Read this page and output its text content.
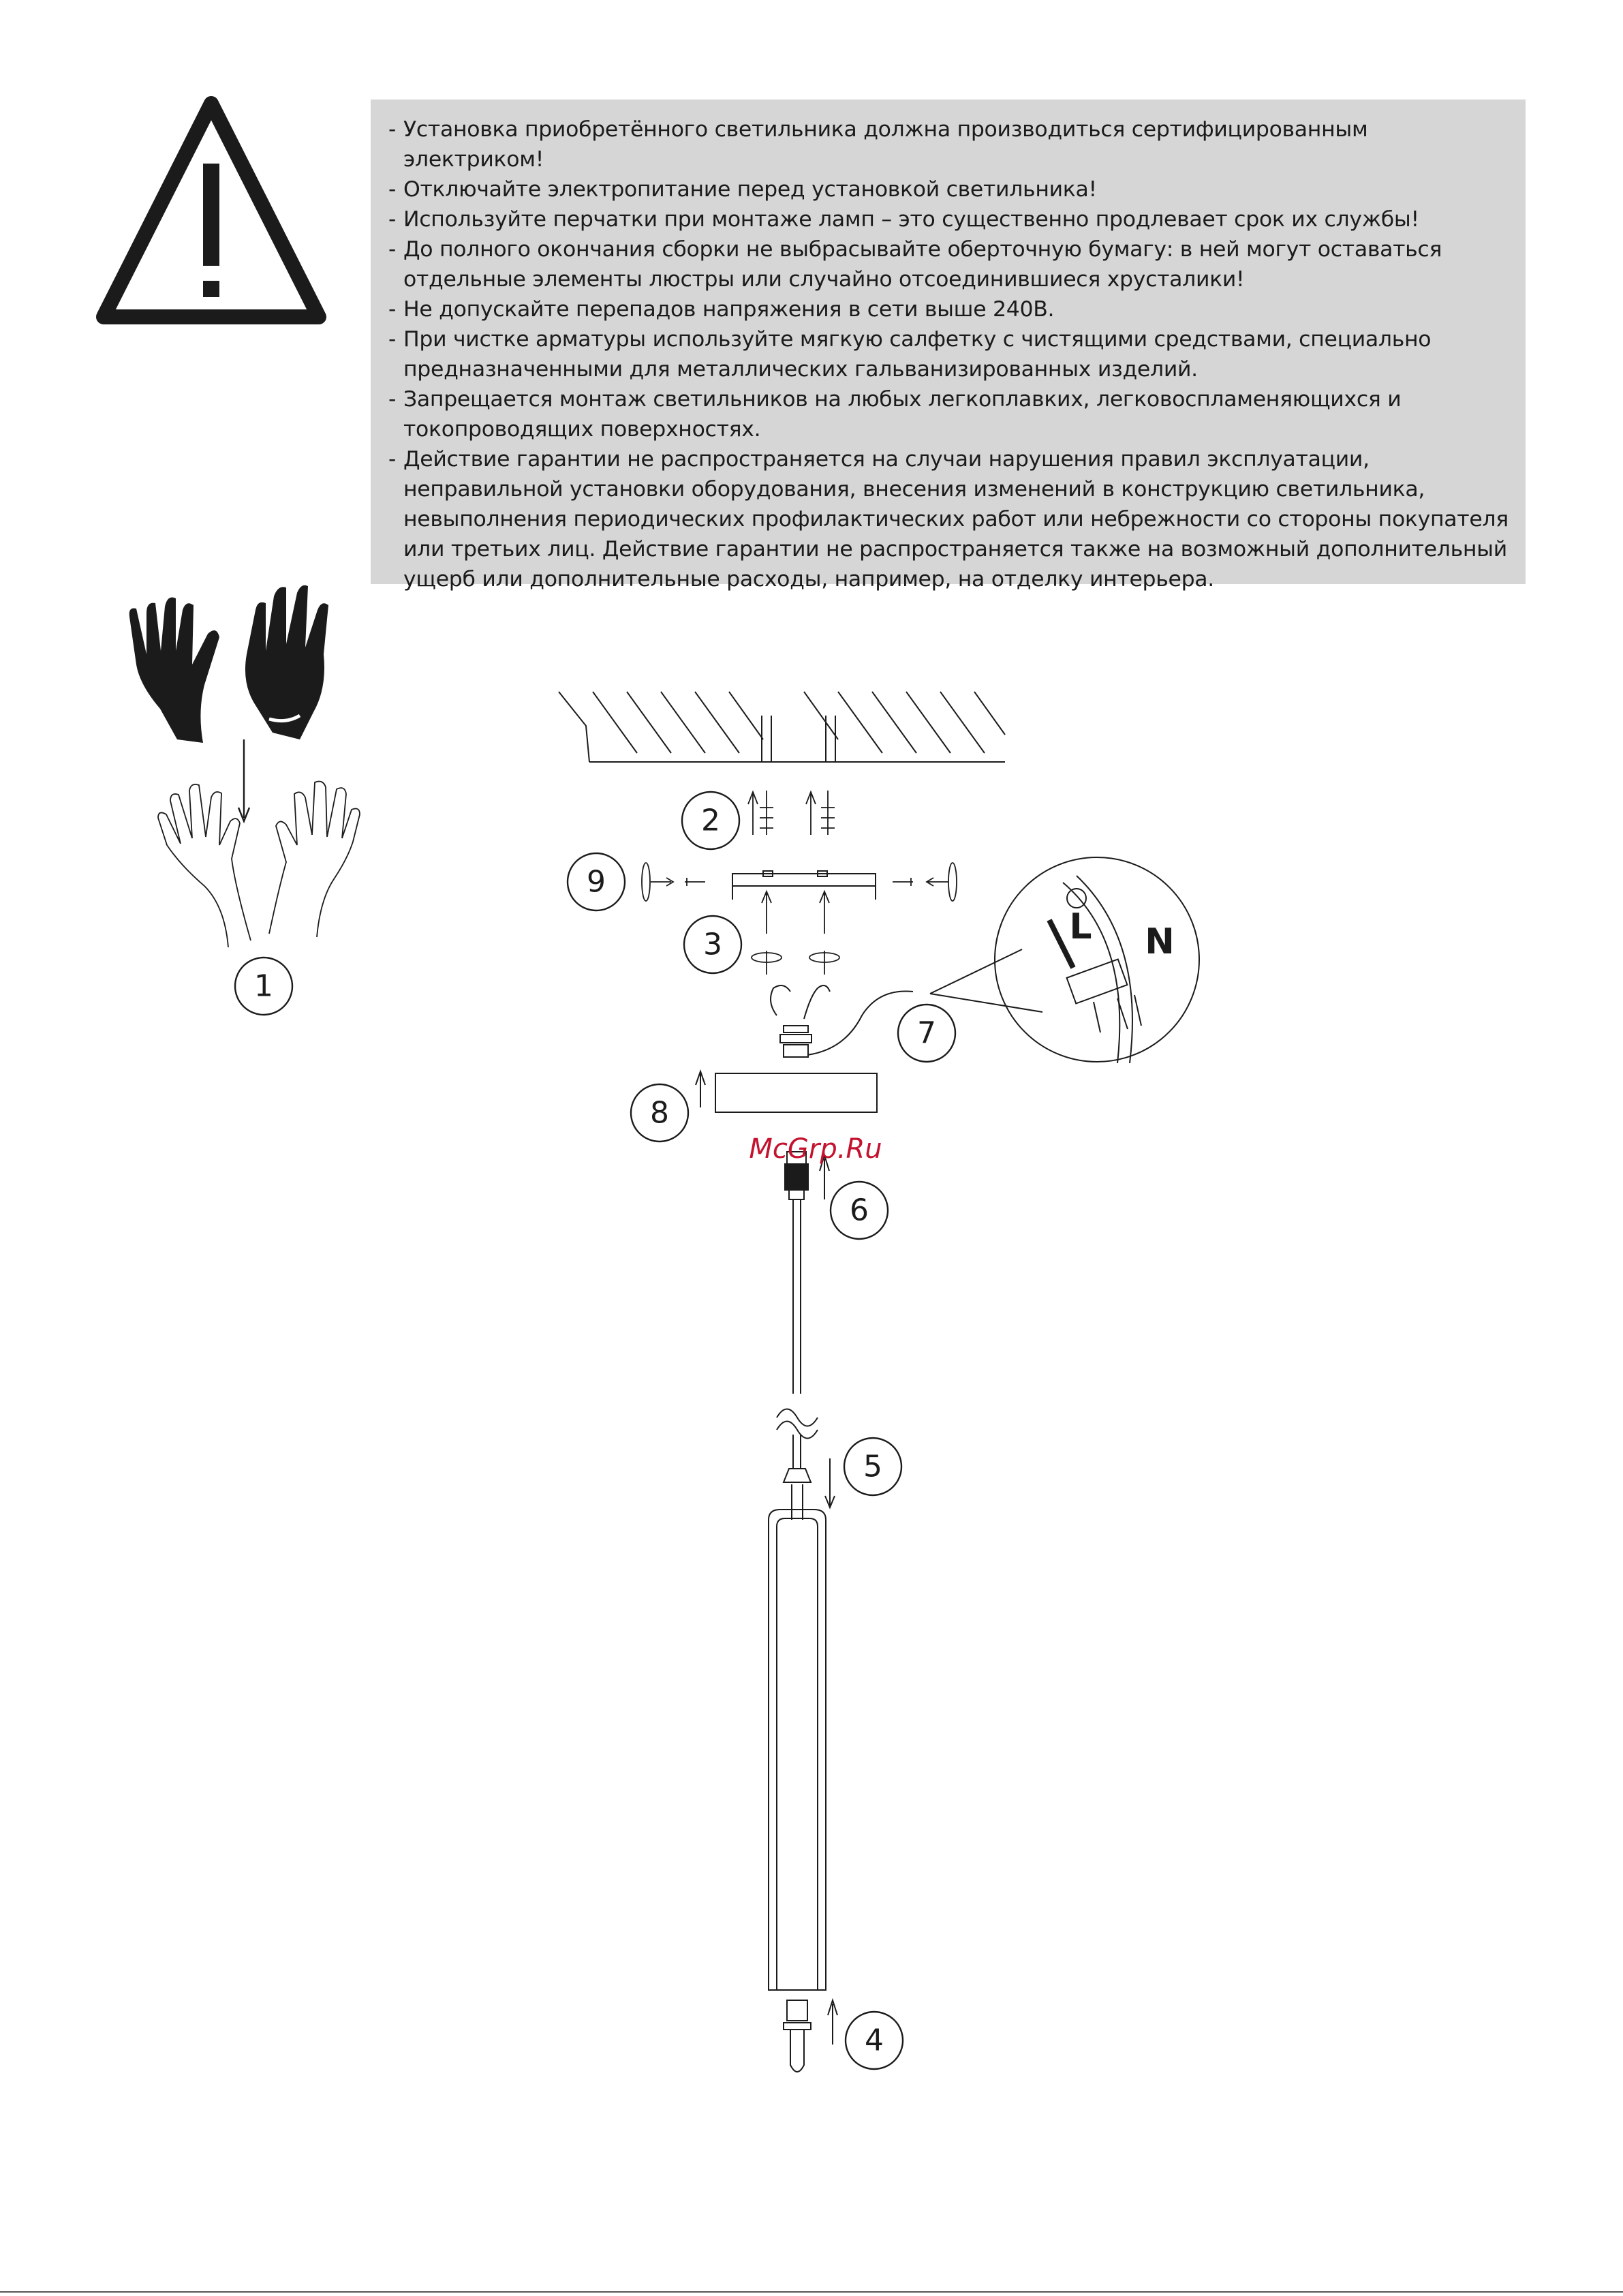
- Установка приобретённого светильника должна производиться сертифицированным электриком!
- Отключайте электропитание перед установкой светильника!
- Используйте перчатки при монтаже ламп – это существенно продлевает срок их службы!
- До полного окончания сборки не выбрасывайте оберточную бумагу: в ней могут оставаться отдельные элементы люстры или случайно отсоединившиеся хрусталики!
- Не допускайте перепадов напряжения в сети выше 240В.
- При чистке арматуры используйте мягкую салфетку с чистящими средствами, специально предназначенными для металлических гальванизированных изделий.
- Запрещается монтаж светильников на любых легкоплавких, легковоспламеняющихся и токопроводящих поверхностях.
- Действие гарантии не распространяется на случаи нарушения правил эксплуатации, неправильной установки оборудования, внесения изменений в конструкцию светильника, невыполнения периодических профилактических работ или небрежности со стороны покупателя или третьих лиц. Действие гарантии не распространяется также на возможный дополнительный ущерб или дополнительные расходы, например, на отделку интерьера.
1
2
3
4
5
6
7
8
9
L N
McGrp.Ru
